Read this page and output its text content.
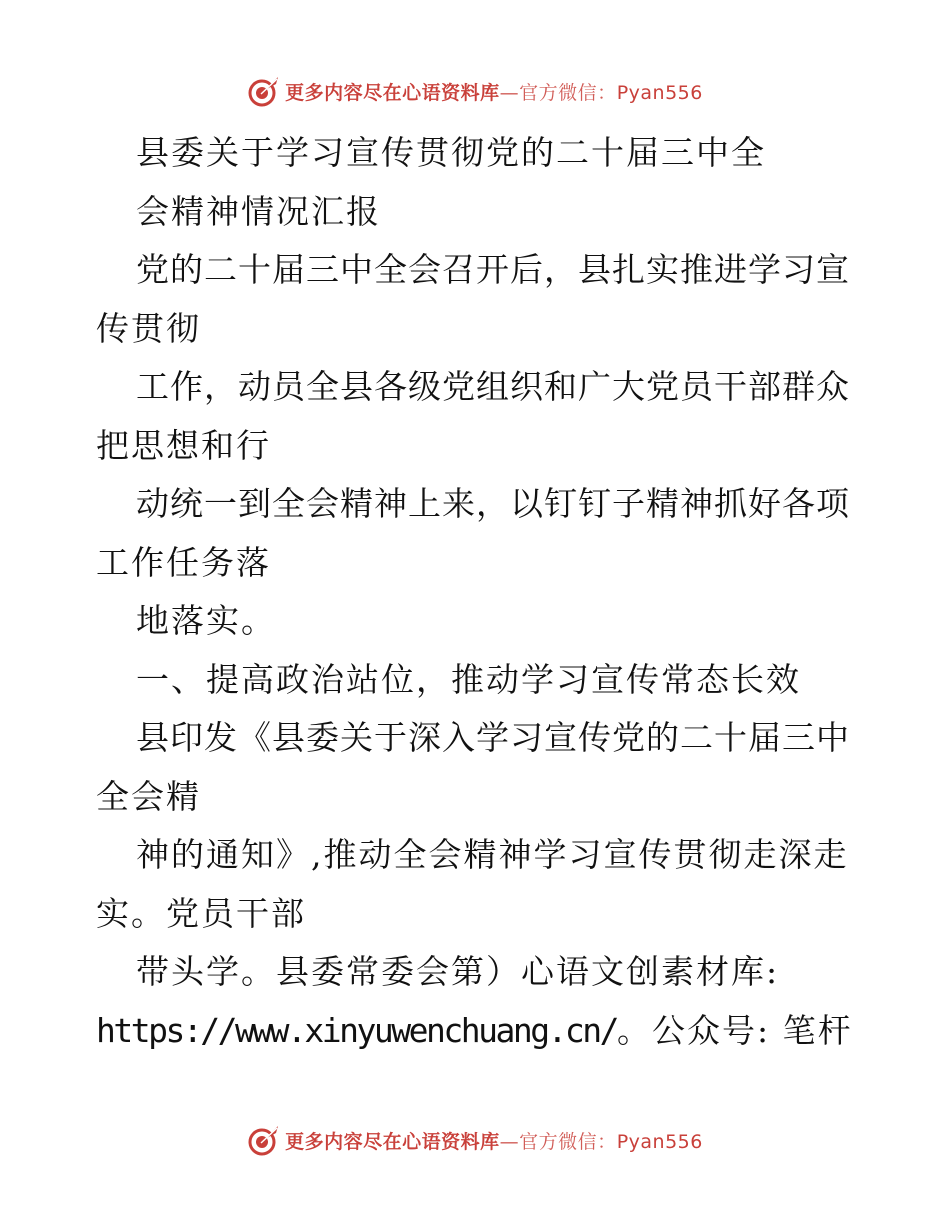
更多内容尽在心语资料库—官方微信：Pyan556
县委关于学习宣传贯彻党的二十届三中全
会精神情况汇报
党的二十届三中全会召开后，县扎实推进学习宣
传贯彻
工作，动员全县各级党组织和广大党员干部群众
把思想和行
动统一到全会精神上来，以钉钉子精神抓好各项
工作任务落
地落实。
一、提高政治站位，推动学习宣传常态长效
县印发《县委关于深入学习宣传党的二十届三中
全会精
神的通知》,推动全会精神学习宣传贯彻走深走
实。党员干部
带头学。县委常委会第）心语文创素材库:
https://www.xinyuwenchuang.cn/。公众号: 笔杆
更多内容尽在心语资料库—官方微信：Pyan556
